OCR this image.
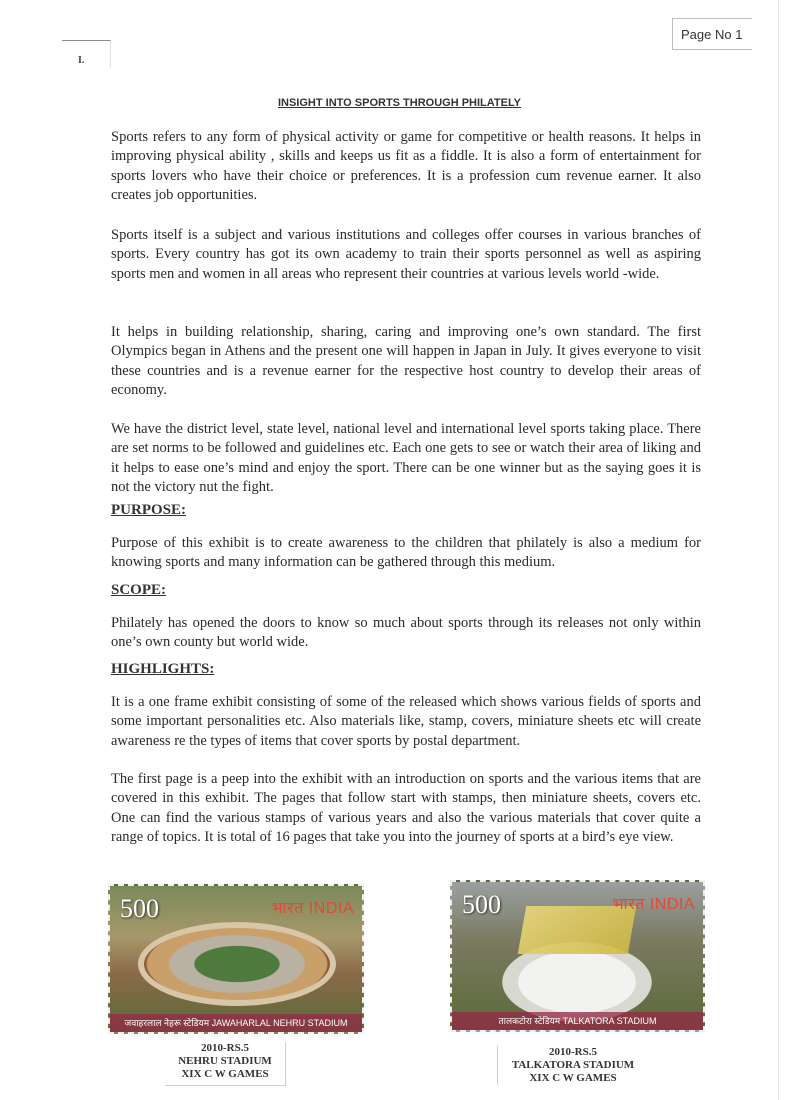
Page No 1
I.
INSIGHT INTO SPORTS THROUGH PHILATELY

Sports refers to any form of physical activity or game for competitive or health reasons. It helps in improving physical ability , skills and keeps us fit as a fiddle. It is also a form of entertainment for sports lovers who have their choice or preferences. It is a profession cum revenue earner. It also creates job opportunities.

Sports itself is a subject and various institutions and colleges offer courses in various branches of sports. Every country has got its own academy to train their sports personnel as well as aspiring sports men and women in all areas who represent their countries at various levels world -wide.

It helps in building relationship, sharing, caring and improving one’s own standard. The first Olympics began in Athens and the present one will happen in Japan in July. It gives everyone to visit these countries and is a revenue earner for the respective host country to develop their areas of economy.

We have the district level, state level, national level and international level sports taking place. There are set norms to be followed and guidelines etc. Each one gets to see or watch their area of liking and it helps to ease one’s mind and enjoy the sport. There can be one winner but as the saying goes it is not the victory nut the fight.

PURPOSE:

Purpose of this exhibit is to create awareness to the children that philately is also a medium for knowing sports and many information can be gathered through this medium.

SCOPE:

Philately has opened the doors to know so much about sports through its releases not only within one’s own county but world wide.

HIGHLIGHTS:

It is a one frame exhibit consisting of some of the released which shows various fields of sports and some important personalities etc. Also materials like, stamp, covers, miniature sheets etc will create awareness re the types of items that cover sports by postal department.

The first page is a peep into the exhibit with an introduction on sports and the various items that are covered in this exhibit. The pages that follow start with stamps, then miniature sheets, covers etc. One can find the various stamps of various years and also the various materials that cover quite a range of topics. It is total of 16 pages that take you into the journey of sports at a bird’s eye view.

500	भारत INDIA
जवाहरलाल नेहरू स्टेडियम JAWAHARLAL NEHRU STADIUM
500	भारत INDIA
तालकटोरा स्टेडियम TALKATORA STADIUM

2010-RS.5
NEHRU STADIUM
XIX C W GAMES

2010-RS.5
TALKATORA STADIUM
XIX C W GAMES
